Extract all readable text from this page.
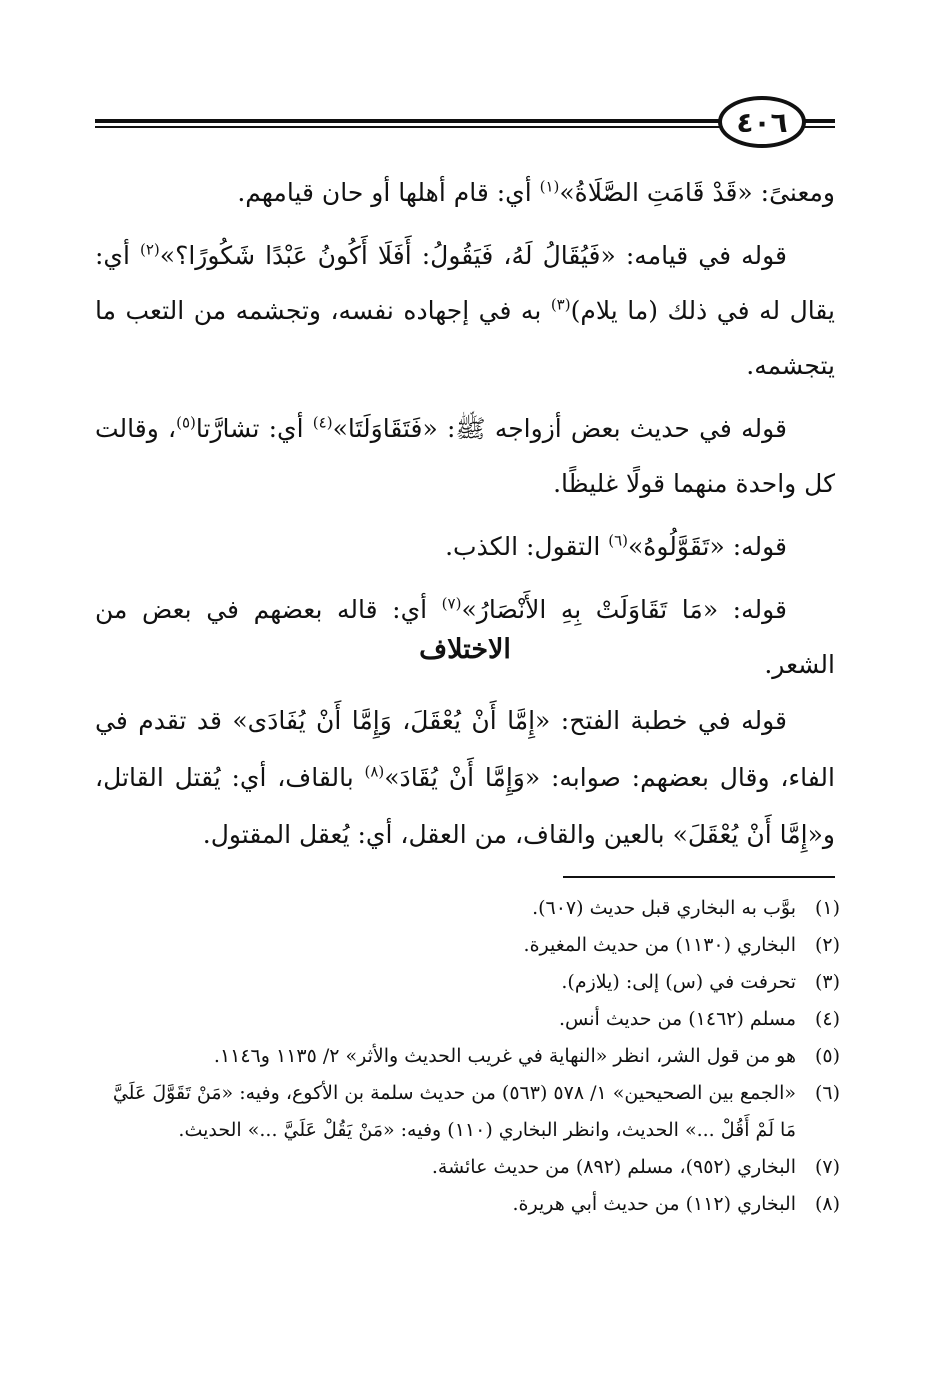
٤٠٦

ومعنىً: «قَدْ قَامَتِ الصَّلَاةُ»$^{(١)}$ أي: قام أهلها أو حان قيامهم.

قوله في قيامه: «فَيُقَالُ لَهُ، فَيَقُولُ: أَفَلَا أَكُونُ عَبْدًا شَكُورًا؟»$^{(٢)}$ أي: يقال له في ذلك (ما يلام)$^{(٣)}$ به في إجهاده نفسه، وتجشمه من التعب ما يتجشمه.

قوله في حديث بعض أزواجه ﷺ: «فَتَقَاوَلَتَا»$^{(٤)}$ أي: تشارَّتا$^{(٥)}$، وقالت كل واحدة منهما قولًا غليظًا.

قوله: «تَقَوَّلُوهُ»$^{(٦)}$ التقول: الكذب.

قوله: «مَا تَقَاوَلَتْ بِهِ الأَنْصَارُ»$^{(٧)}$ أي: قاله بعضهم في بعض من الشعر.

الاختلاف

قوله في خطبة الفتح: «إِمَّا أَنْ يُعْقَلَ، وَإِمَّا أَنْ يُفَادَى» قد تقدم في الفاء، وقال بعضهم: صوابه: «وَإِمَّا أَنْ يُقَادَ»$^{(٨)}$ بالقاف، أي: يُقتل القاتل، و«إِمَّا أَنْ يُعْقَلَ» بالعين والقاف، من العقل، أي: يُعقل المقتول.

(١)
بوَّب به البخاري قبل حديث (٦٠٧).
(٢)
البخاري (١١٣٠) من حديث المغيرة.
(٣)
تحرفت في (س) إلى: (يلازم).
(٤)
مسلم (١٤٦٢) من حديث أنس.
(٥)
هو من قول الشر، انظر «النهاية في غريب الحديث والأثر» ٢/ ١١٣٥ و١١٤٦.
(٦)
«الجمع بين الصحيحين» ١/ ٥٧٨ (٥٦٣) من حديث سلمة بن الأكوع، وفيه: «مَنْ تَقَوَّلَ عَلَيَّ مَا لَمْ أَقُلْ ...» الحديث، وانظر البخاري (١١٠) وفيه: «مَنْ يَقُلْ عَلَيَّ ...» الحديث.
(٧)
البخاري (٩٥٢)، مسلم (٨٩٢) من حديث عائشة.
(٨)
البخاري (١١٢) من حديث أبي هريرة.
